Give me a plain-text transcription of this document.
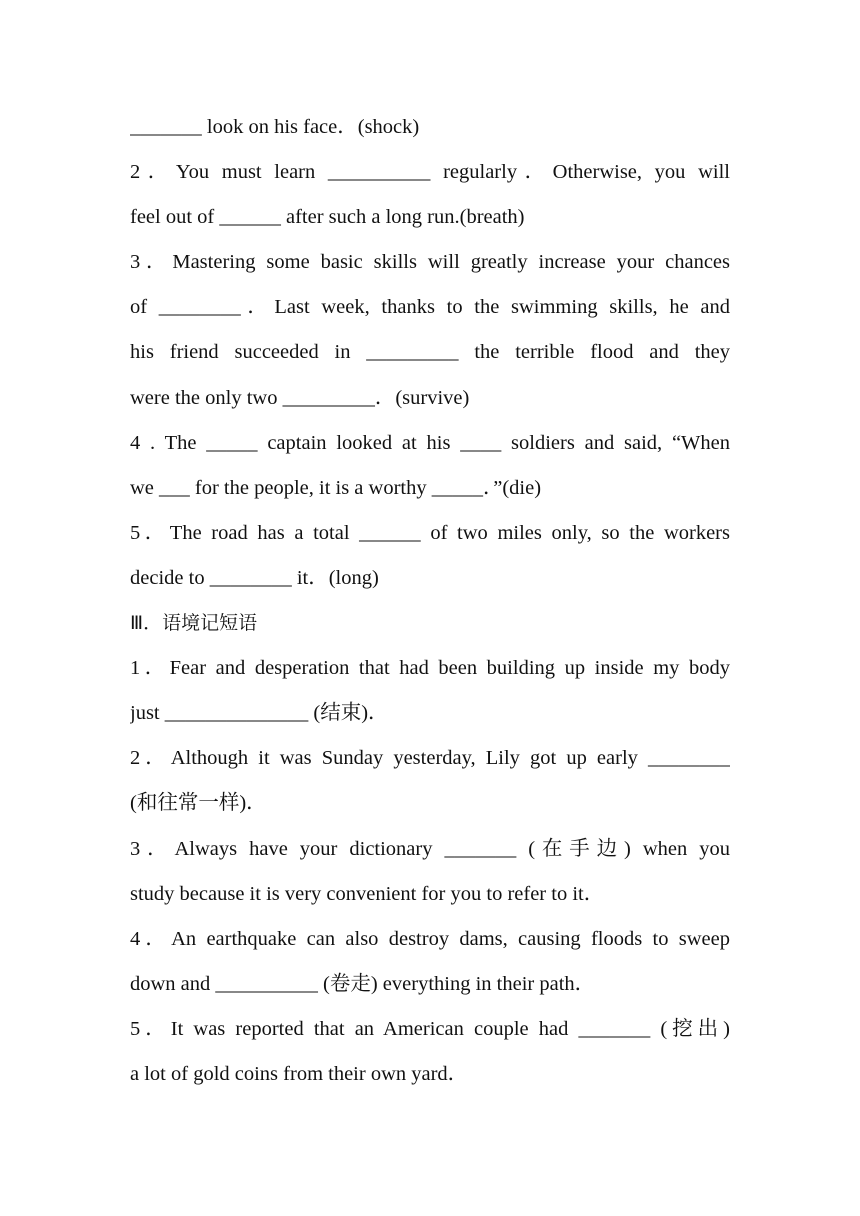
_______ look on his face．(shock)
2．You must learn __________ regularly．Otherwise, you will
feel out of ______ after such a long run.(breath)
3．Mastering some basic skills will greatly increase your chances
of ________．Last week, thanks to the swimming skills, he and
his friend succeeded in _________ the terrible flood and they
were the only two _________．(survive)
4 . The _____ captain looked at his ____ soldiers and said, “When
we ___ for the people, it is a worthy _____．”(die)
5．The road has a total ______ of two miles only, so the workers
decide to ________ it．(long)
Ⅲ．语境记短语
1．Fear and desperation that had been building up inside my body
just ______________ (结束)．
2．Although it was Sunday yesterday, Lily got up early ________
(和往常一样)．
3．Always have your dictionary _______ (在手边) when you
study because it is very convenient for you to refer to it．
4．An earthquake can also destroy dams, causing floods to sweep
down and __________ (卷走) everything in their path．
5．It was reported that an American couple had _______ (挖出)
a lot of gold coins from their own yard．
